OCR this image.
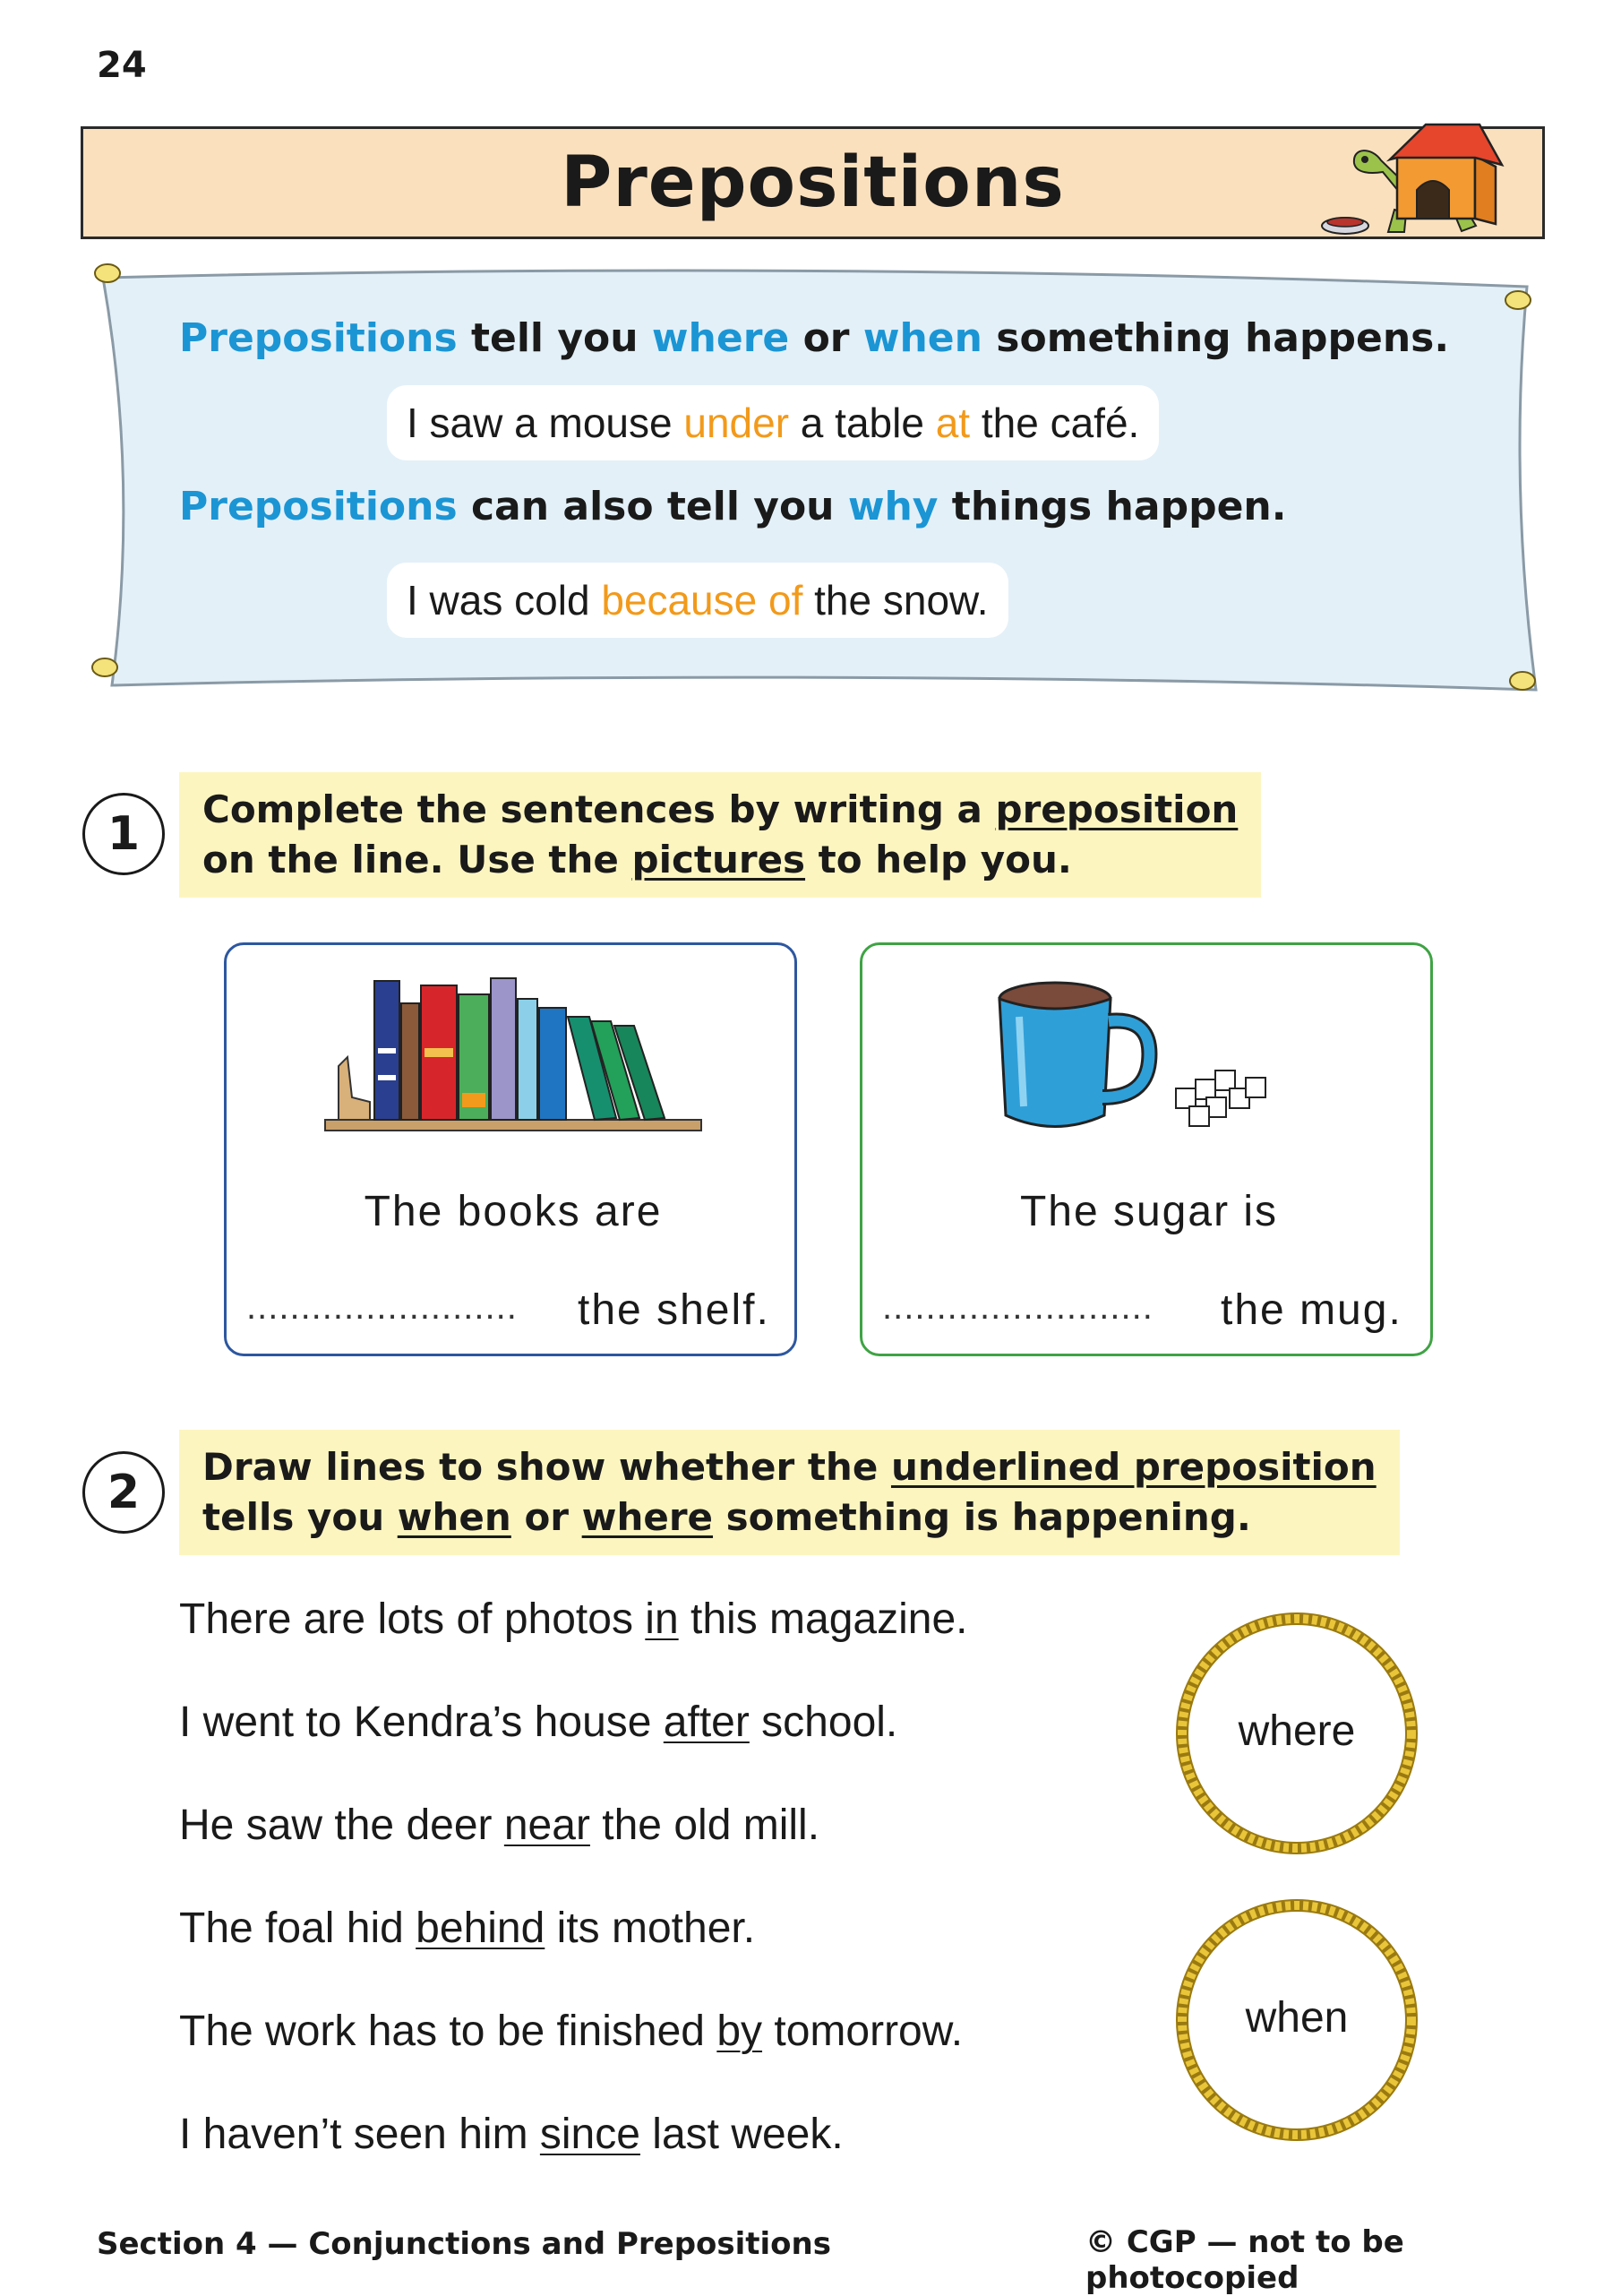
24
Prepositions
Prepositions tell you where or when something happens.
I saw a mouse under a table at the café.
Prepositions can also tell you why things happen.
I was cold because of the snow.
1	Complete the sentences by writing a preposition
on the line. Use the pictures to help you.
The books are
......................... the shelf.
The sugar is
......................... the mug.
2	Draw lines to show whether the underlined preposition
tells you when or where something is happening.
There are lots of photos in this magazine.
I went to Kendra’s house after school.
He saw the deer near the old mill.
The foal hid behind its mother.
The work has to be finished by tomorrow.
I haven’t seen him since last week.
where
when
Section 4 — Conjunctions and Prepositions	© CGP — not to be photocopied
